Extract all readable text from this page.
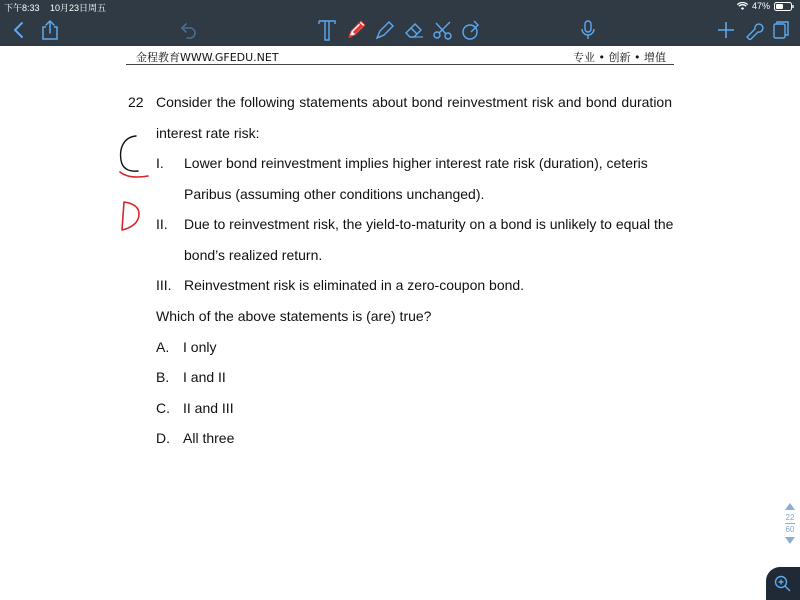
下午8:33 10月23日周五	47%
金程教育WWW.GFEDU.NET	专业 • 创新 • 增值
22 Consider the following statements about bond reinvestment risk and bond duration
interest rate risk:
I. Lower bond reinvestment implies higher interest rate risk (duration), ceteris
Paribus (assuming other conditions unchanged).
II. Due to reinvestment risk, the yield-to-maturity on a bond is unlikely to equal the
bond’s realized return.
III. Reinvestment risk is eliminated in a zero-coupon bond.
Which of the above statements is (are) true?
A. I only
B. I and II
C. II and III
D. All three
22
60
